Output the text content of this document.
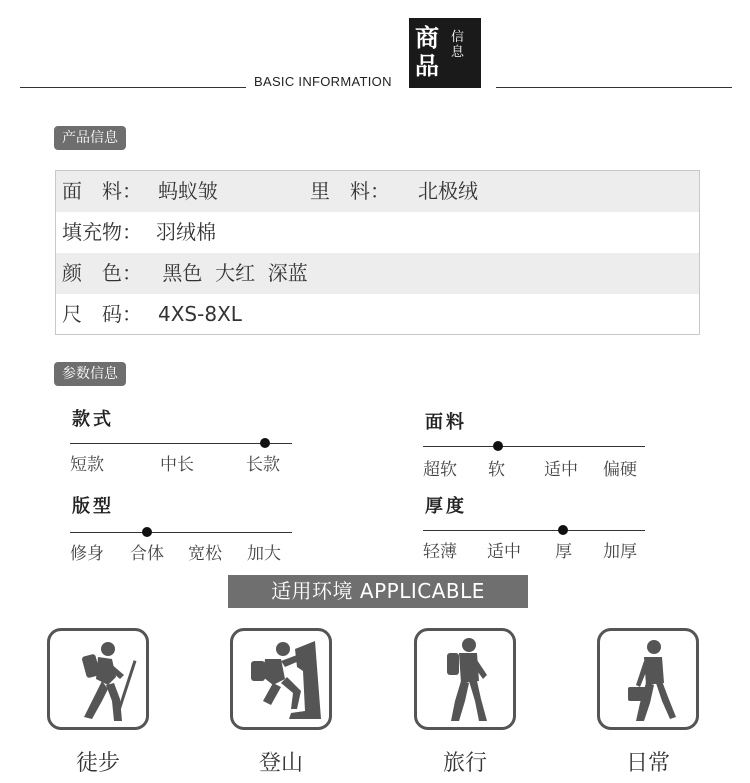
BASIC INFORMATION
商品
信息
产品信息
面　料： 蚂蚁皱	里　料： 北极绒
填充物： 羽绒棉
颜　色： 黑色  大红  深蓝
尺　码： 4XS-8XL
参数信息
款式
短款	中长	长款
面料
超软 软 适中 偏硬
版型
修身 合体 宽松 加大
厚度
轻薄 适中 厚 加厚
适用环境 APPLICABLE
徒步	登山	旅行	日常
